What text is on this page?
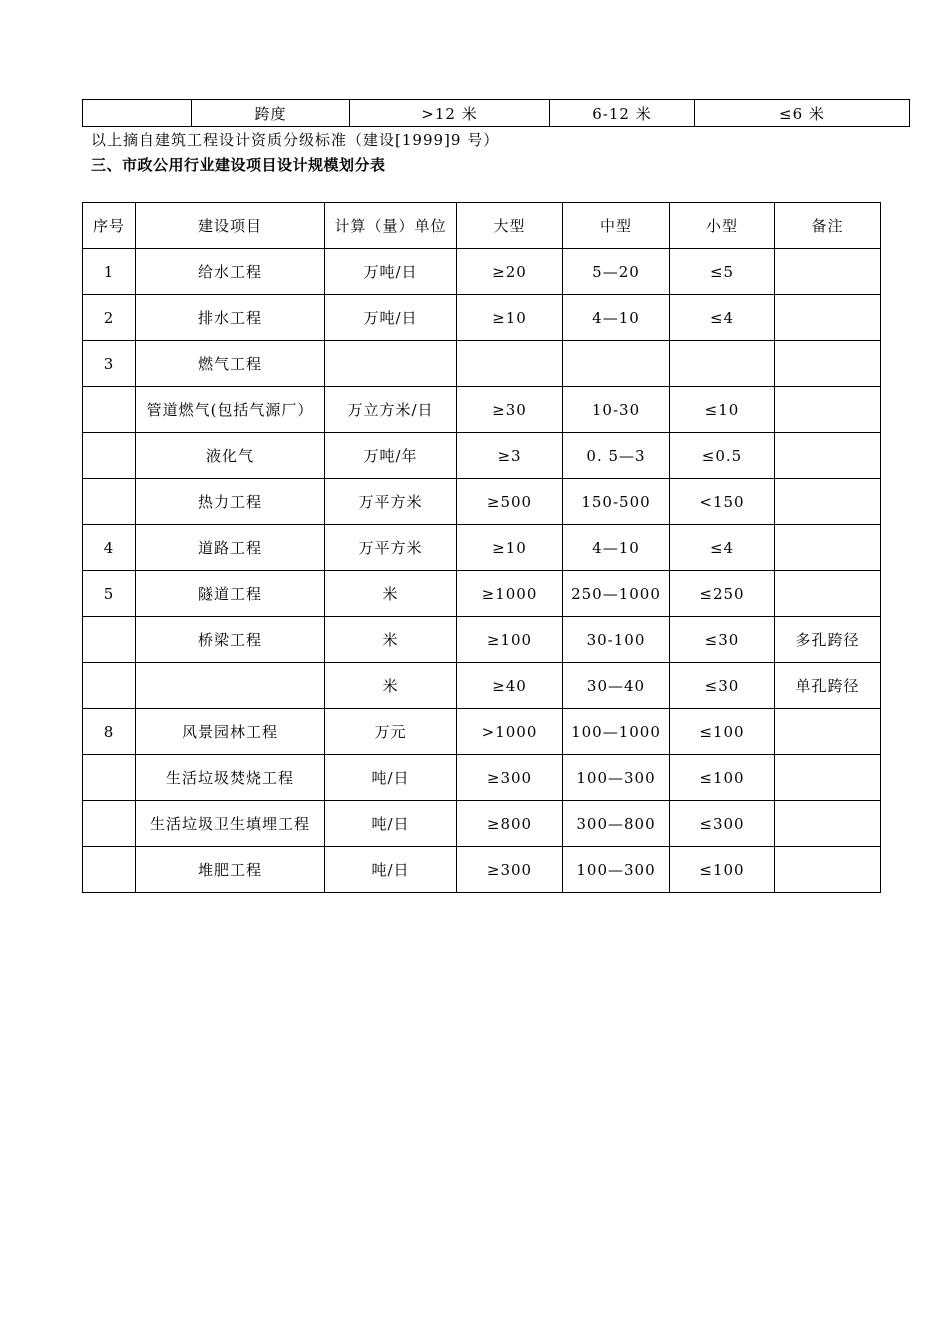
	跨度	>12 米	6-12 米	≤6 米
以上摘自建筑工程设计资质分级标准（建设[1999]9 号）
三、市政公用行业建设项目设计规模划分表
序号	建设项目	计算（量）单位	大型	中型	小型	备注
1	给水工程	万吨/日	≥20	5—20	≤5	
2	排水工程	万吨/日	≥10	4—10	≤4	
3	燃气工程					
	管道燃气(包括气源厂）	万立方米/日	≥30	10-30	≤10	
	液化气	万吨/年	≥3	0. 5—3	≤0.5	
	热力工程	万平方米	≥500	150-500	<150	
4	道路工程	万平方米	≥10	4—10	≤4	
5	隧道工程	米	≥1000	250—1000	≤250	
	桥梁工程	米	≥100	30-100	≤30	多孔跨径
		米	≥40	30—40	≤30	单孔跨径
8	风景园林工程	万元	>1000	100—1000	≤100	
	生活垃圾焚烧工程	吨/日	≥300	100—300	≤100	
	生活垃圾卫生填埋工程	吨/日	≥800	300—800	≤300	
	堆肥工程	吨/日	≥300	100—300	≤100	
